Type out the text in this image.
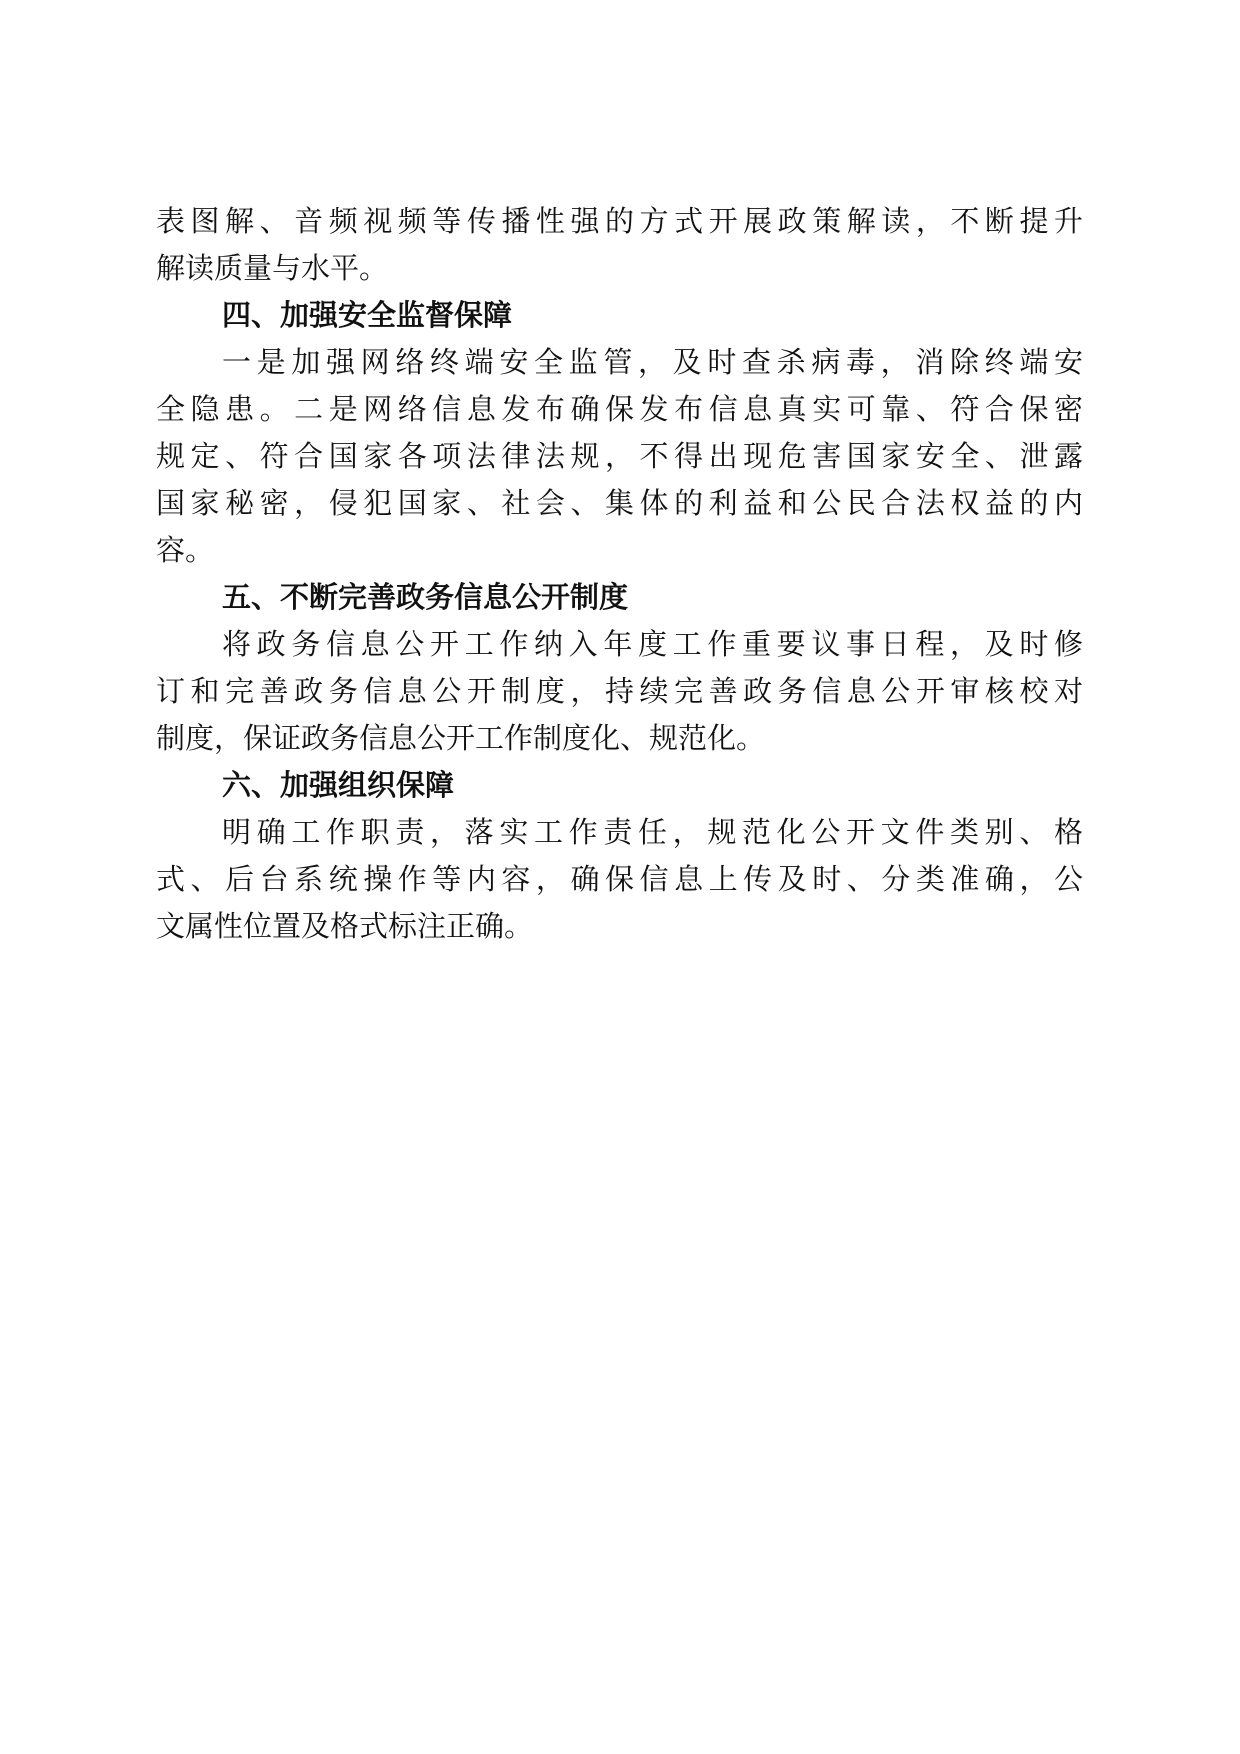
表图解、音频视频等传播性强的方式开展政策解读，不断提升
解读质量与水平。
四、加强安全监督保障
一是加强网络终端安全监管，及时查杀病毒，消除终端安
全隐患。二是网络信息发布确保发布信息真实可靠、符合保密
规定、符合国家各项法律法规，不得出现危害国家安全、泄露
国家秘密，侵犯国家、社会、集体的利益和公民合法权益的内
容。
五、不断完善政务信息公开制度
将政务信息公开工作纳入年度工作重要议事日程，及时修
订和完善政务信息公开制度，持续完善政务信息公开审核校对
制度，保证政务信息公开工作制度化、规范化。
六、加强组织保障
明确工作职责，落实工作责任，规范化公开文件类别、格
式、后台系统操作等内容，确保信息上传及时、分类准确，公
文属性位置及格式标注正确。
